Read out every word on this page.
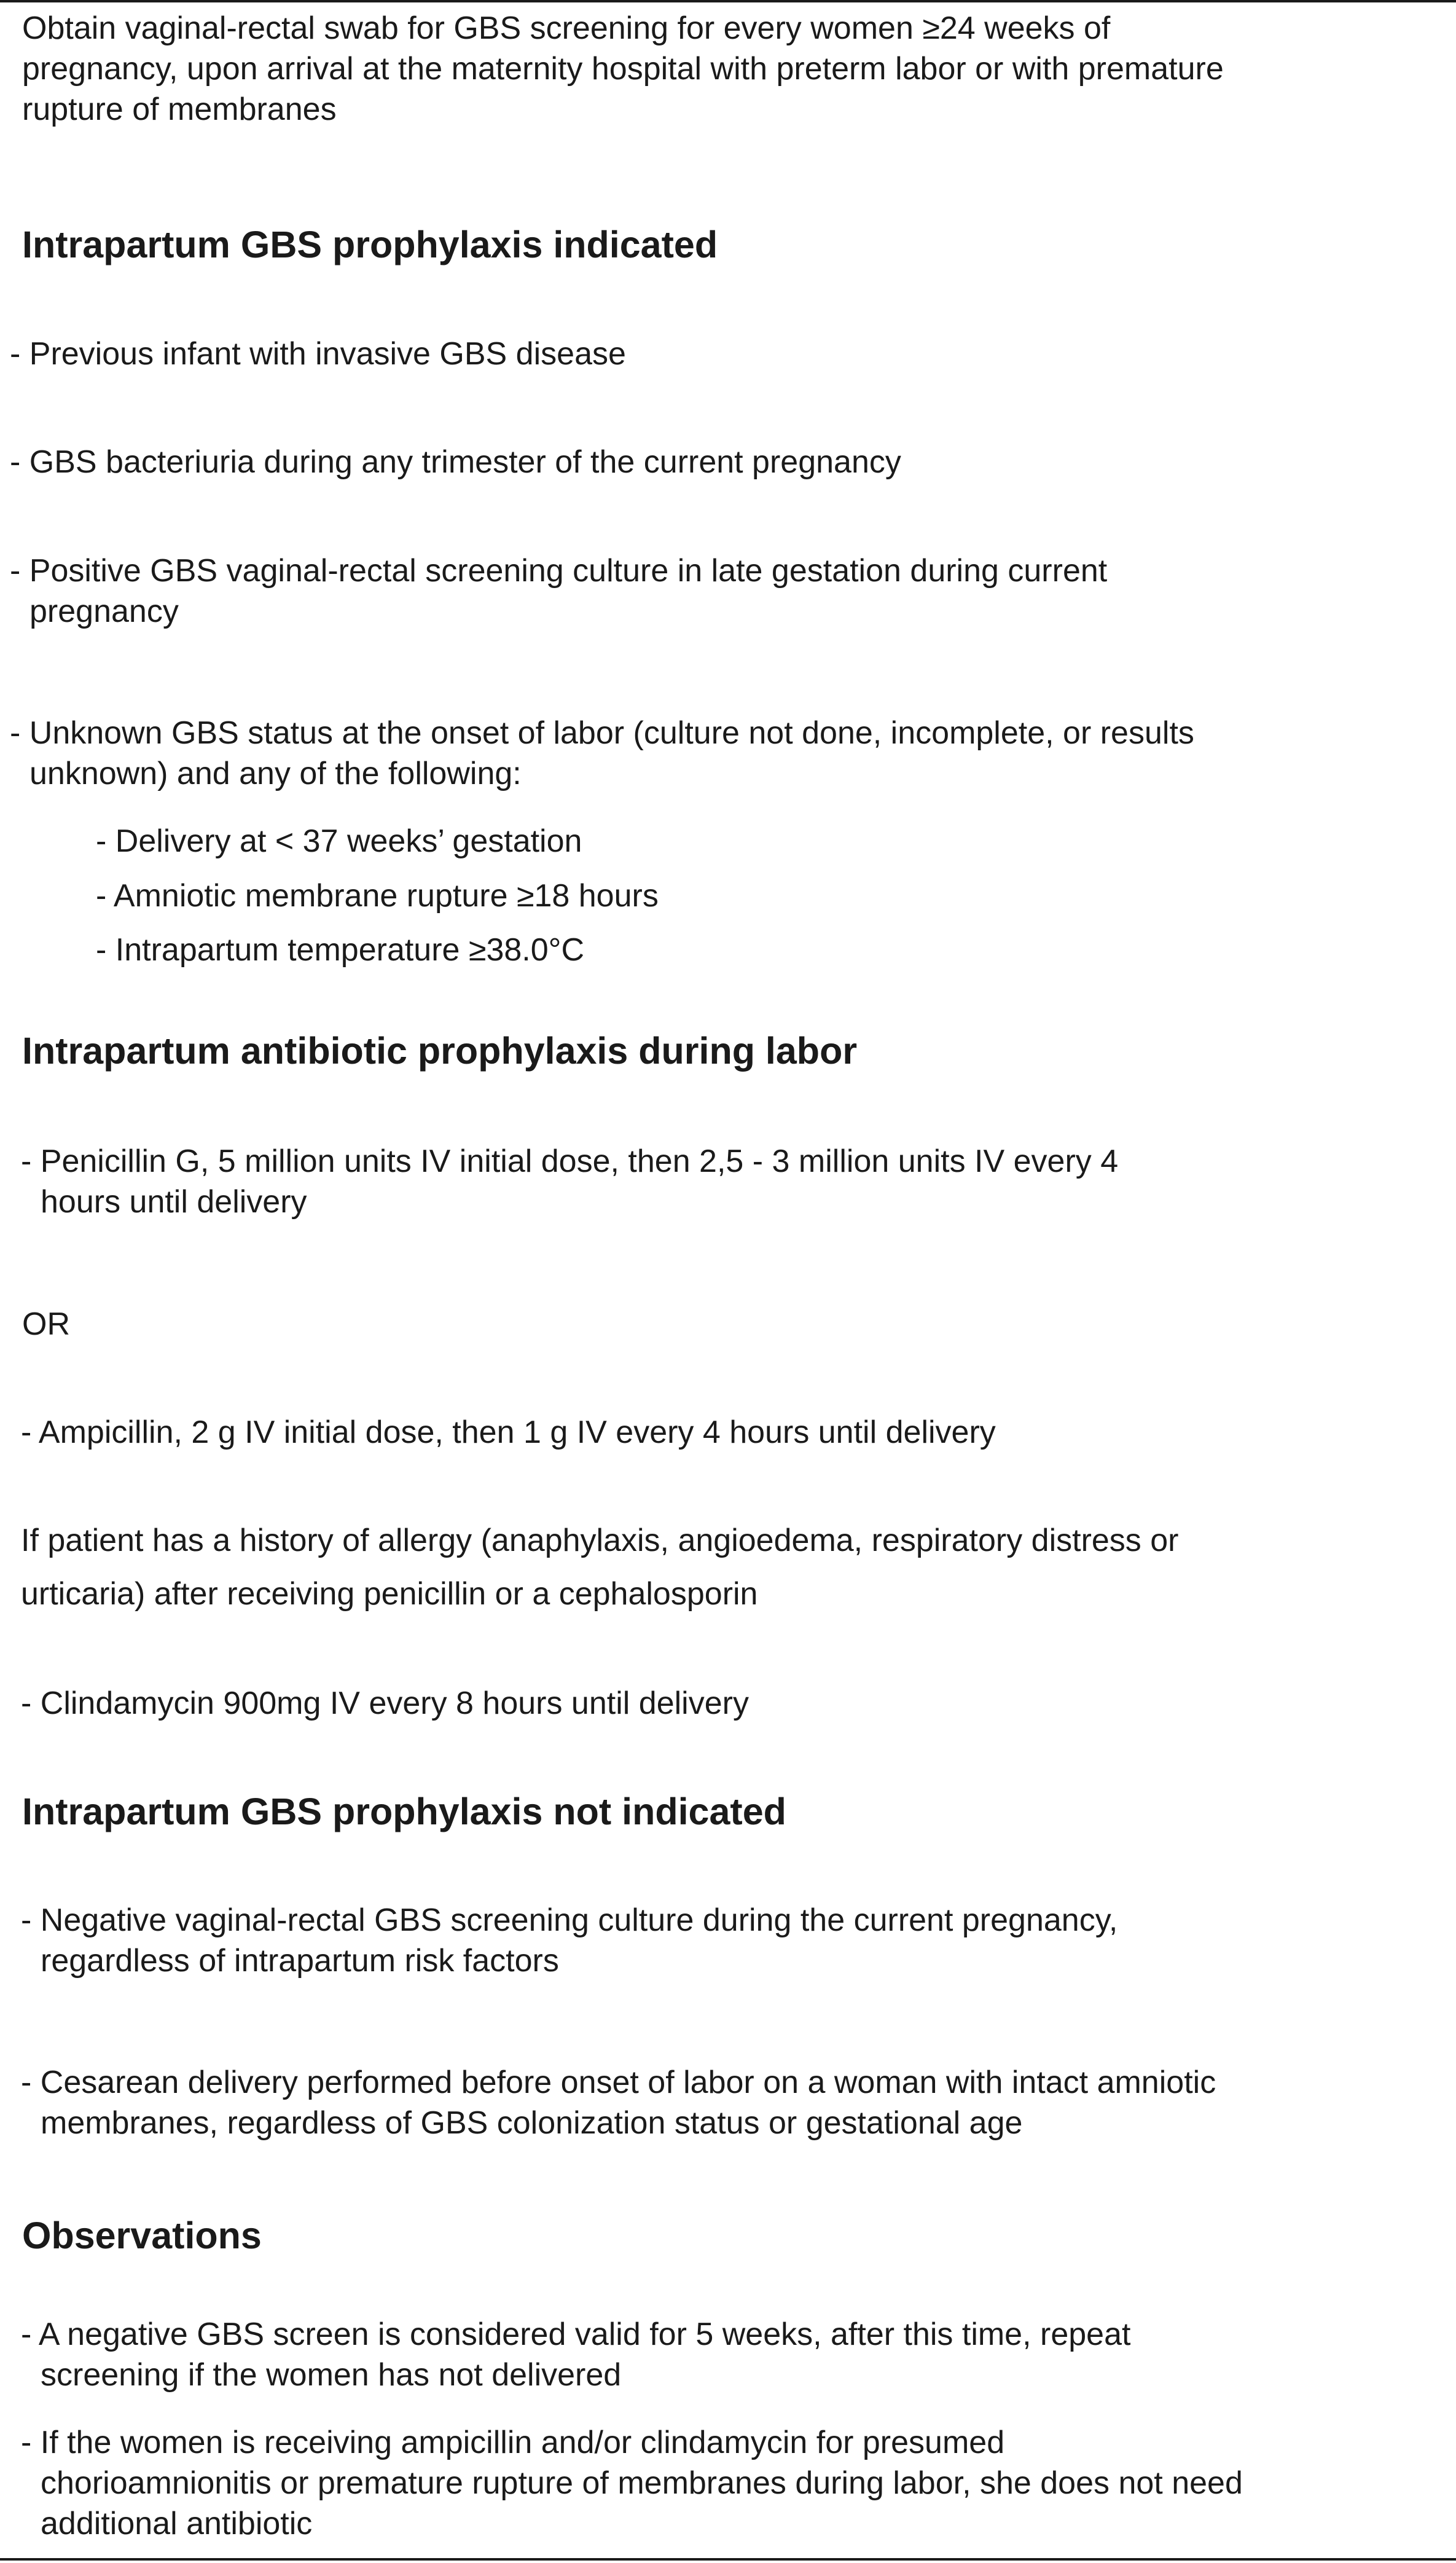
Obtain vaginal-rectal swab for GBS screening for every women ≥24 weeks of

pregnancy, upon arrival at the maternity hospital with preterm labor or with premature

rupture of membranes

Intrapartum GBS prophylaxis indicated

- Previous infant with invasive GBS disease

- GBS bacteriuria during any trimester of the current pregnancy

- Positive GBS vaginal-rectal screening culture in late gestation during current

pregnancy

- Unknown GBS status at the onset of labor (culture not done, incomplete, or results

unknown) and any of the following:

- Delivery at < 37 weeks’ gestation

- Amniotic membrane rupture ≥18 hours

- Intrapartum temperature ≥38.0°C

Intrapartum antibiotic prophylaxis during labor

- Penicillin G, 5 million units IV initial dose, then 2,5 - 3 million units IV every 4

hours until delivery

OR

- Ampicillin, 2 g IV initial dose, then 1 g IV every 4 hours until delivery

If patient has a history of allergy (anaphylaxis, angioedema, respiratory distress or

urticaria) after receiving penicillin or a cephalosporin

- Clindamycin 900mg IV every 8 hours until delivery

Intrapartum GBS prophylaxis not indicated

- Negative vaginal-rectal GBS screening culture during the current pregnancy,

regardless of intrapartum risk factors

- Cesarean delivery performed before onset of labor on a woman with intact amniotic

membranes, regardless of GBS colonization status or gestational age

Observations

- A negative GBS screen is considered valid for 5 weeks, after this time, repeat

screening if the women has not delivered

- If the women is receiving ampicillin and/or clindamycin for presumed

chorioamnionitis or premature rupture of membranes during labor, she does not need

additional antibiotic
